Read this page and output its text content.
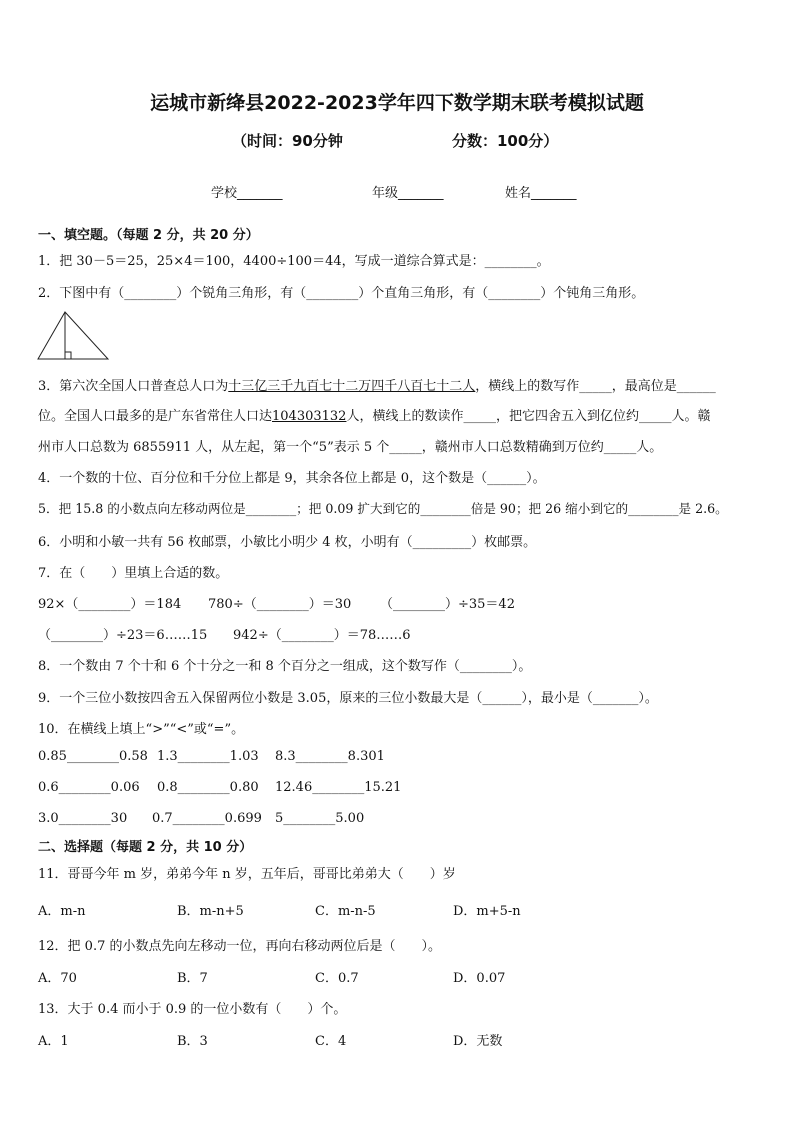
运城市新绛县2022-2023学年四下数学期末联考模拟试题
（时间：90分钟	分数：100分）
学校_______	年级_______	姓名_______
一、填空题。（每题 2 分，共 20 分）
1．把 30－5＝25，25×4＝100，4400÷100＝44，写成一道综合算式是：________。
2．下图中有（________）个锐角三角形，有（________）个直角三角形，有（________）个钝角三角形。
3．第六次全国人口普查总人口为十三亿三千九百七十二万四千八百七十二人，横线上的数写作_____，最高位是______
位。全国人口最多的是广东省常住人口达104303132人，横线上的数读作_____，把它四舍五入到亿位约_____人。赣
州市人口总数为 6855911 人，从左起，第一个“5”表示 5 个_____，赣州市人口总数精确到万位约_____人。
4．一个数的十位、百分位和千分位上都是 9，其余各位上都是 0，这个数是（______）。
5．把 15.8 的小数点向左移动两位是________；把 0.09 扩大到它的________倍是 90；把 26 缩小到它的________是 2.6。
6．小明和小敏一共有 56 枚邮票，小敏比小明少 4 枚，小明有（_________）枚邮票。
7．在（　　）里填上合适的数。
92×（________）＝184 780÷（________）＝30 （________）÷35＝42
（________）÷23＝6……15 942÷（________）＝78……6
8．一个数由 7 个十和 6 个十分之一和 8 个百分之一组成，这个数写作（________）。
9．一个三位小数按四舍五入保留两位小数是 3.05，原来的三位小数最大是（______），最小是（_______）。
10．在横线上填上“>”“<”或“=”。
0.85________0.58 1.3________1.03 8.3________8.301
0.6________0.06 0.8________0.80 12.46________15.21
3.0________30 0.7________0.699 5________5.00
二、选择题（每题 2 分，共 10 分）
11．哥哥今年 m 岁，弟弟今年 n 岁，五年后，哥哥比弟弟大（　　）岁
A．m-n	B．m-n+5	C．m-n-5	D．m+5-n
12．把 0.7 的小数点先向左移动一位，再向右移动两位后是（　　）。
A．70	B．7	C．0.7	D．0.07
13．大于 0.4 而小于 0.9 的一位小数有（　　）个。
A．1	B．3	C．4	D．无数
